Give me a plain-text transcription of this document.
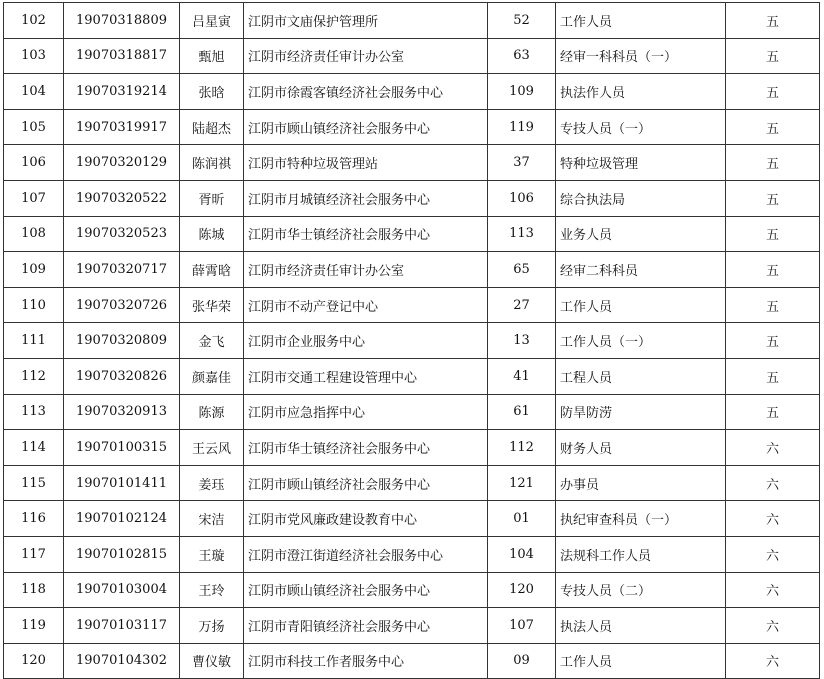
102	19070318809	吕星寅	江阴市文庙保护管理所	52	工作人员	五
103	19070318817	甄旭	江阴市经济责任审计办公室	63	经审一科科员（一）	五
104	19070319214	张晗	江阴市徐霞客镇经济社会服务中心	109	执法作人员	五
105	19070319917	陆超杰	江阴市顾山镇经济社会服务中心	119	专技人员（一）	五
106	19070320129	陈润祺	江阴市特种垃圾管理站	37	特种垃圾管理	五
107	19070320522	胥昕	江阴市月城镇经济社会服务中心	106	综合执法局	五
108	19070320523	陈城	江阴市华士镇经济社会服务中心	113	业务人员	五
109	19070320717	薛霄晗	江阴市经济责任审计办公室	65	经审二科科员	五
110	19070320726	张华荣	江阴市不动产登记中心	27	工作人员	五
111	19070320809	金飞	江阴市企业服务中心	13	工作人员（一）	五
112	19070320826	颜嘉佳	江阴市交通工程建设管理中心	41	工程人员	五
113	19070320913	陈源	江阴市应急指挥中心	61	防旱防涝	五
114	19070100315	王云风	江阴市华士镇经济社会服务中心	112	财务人员	六
115	19070101411	姜珏	江阴市顾山镇经济社会服务中心	121	办事员	六
116	19070102124	宋洁	江阴市党风廉政建设教育中心	01	执纪审查科员（一）	六
117	19070102815	王璇	江阴市澄江街道经济社会服务中心	104	法规科工作人员	六
118	19070103004	王玲	江阴市顾山镇经济社会服务中心	120	专技人员（二）	六
119	19070103117	万扬	江阴市青阳镇经济社会服务中心	107	执法人员	六
120	19070104302	曹仪敏	江阴市科技工作者服务中心	09	工作人员	六
